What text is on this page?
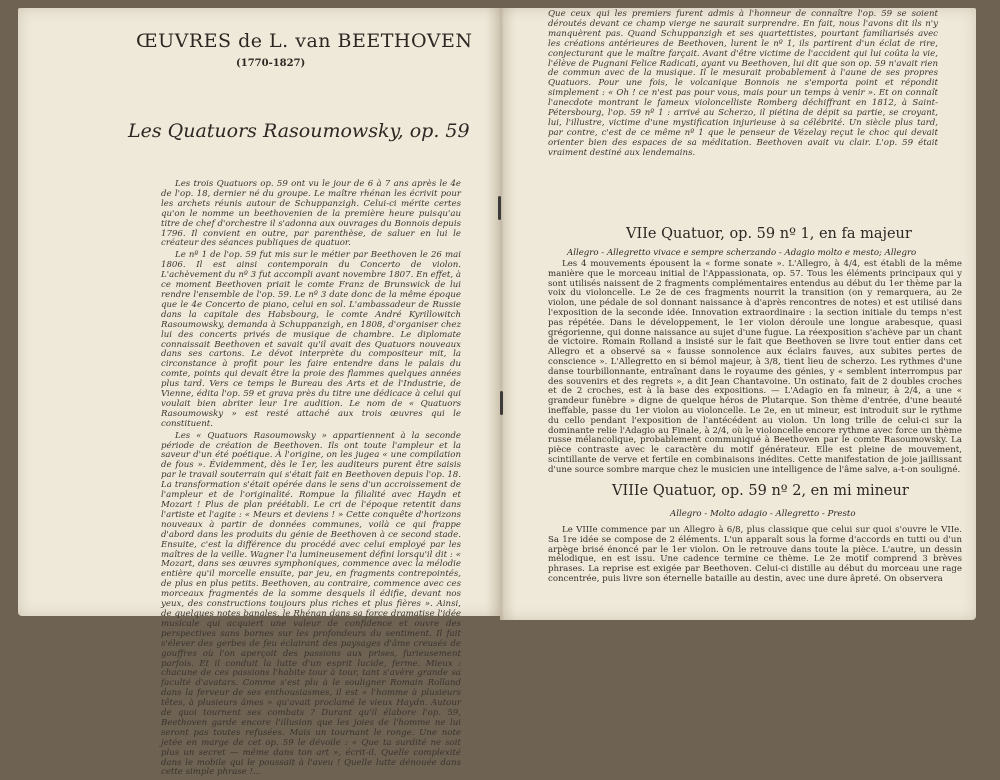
ŒUVRES de L. van BEETHOVEN
(1770-1827)
Les Quatuors Rasoumowsky, op. 59

Les trois Quatuors op. 59 ont vu le jour de 6 à 7 ans après le 4e de l'op. 18, dernier né du groupe. Le maître rhénan les écrivit pour les archets réunis autour de Schuppanzigh. Celui-ci mérite certes qu'on le nomme un beethovenien de la première heure puisqu'au titre de chef d'orchestre il s'adonna aux ouvrages du Bonnois depuis 1796. Il convient en outre, par parenthèse, de saluer en lui le créateur des séances publiques de quatuor.

Le nº 1 de l'op. 59 fut mis sur le métier par Beethoven le 26 mai 1806. Il est ainsi contemporain du Concerto de violon. L'achèvement du nº 3 fut accompli avant novembre 1807. En effet, à ce moment Beethoven priait le comte Franz de Brunswick de lui rendre l'ensemble de l'op. 59. Le nº 3 date donc de la même époque que le 4e Concerto de piano, celui en sol. L'ambassadeur de Russie dans la capitale des Habsbourg, le comte André Kyrillowitch Rasoumowsky, demanda à Schuppanzigh, en 1808, d'organiser chez lui des concerts privés de musique de chambre. Le diplomate connaissait Beethoven et savait qu'il avait des Quatuors nouveaux dans ses cartons. Le dévot interprète du compositeur mit, la circonstance à profit pour les faire entendre dans le palais du comte, points qui devait être la proie des flammes quelques années plus tard. Vers ce temps le Bureau des Arts et de l'Industrie, de Vienne, édita l'op. 59 et grava près du titre une dédicace à celui qui voulait bien abriter leur 1re audition. Le nom de « Quatuors Rasoumowsky » est resté attaché aux trois œuvres qui le constituent.

Les « Quatuors Rasoumowsky » appartiennent à la seconde période de création de Beethoven. Ils ont toute l'ampleur et la saveur d'un été poétique. À l'origine, on les jugea « une compilation de fous ». Évidemment, dès le 1er, les auditeurs purent être saisis par le travail souterrain qui s'était fait en Beethoven depuis l'op. 18. La transformation s'était opérée dans le sens d'un accroissement de l'ampleur et de l'originalité. Rompue la filialité avec Haydn et Mozart ! Plus de plan préétabli. Le cri de l'époque retentit dans l'artiste et l'agite : « Meurs et deviens ! » Cette conquête d'horizons nouveaux à partir de données communes, voilà ce qui frappe d'abord dans les produits du génie de Beethoven à ce second stade. Ensuite, c'est la différence du procédé avec celui employé par les maîtres de la veille. Wagner l'a lumineusement défini lorsqu'il dit : « Mozart, dans ses œuvres symphoniques, commence avec la mélodie entière qu'il morcelle ensuite, par jeu, en fragments contrepointés, de plus en plus petits. Beethoven, au contraire, commence avec ces morceaux fragmentés de la somme desquels il édifie, devant nos yeux, des constructions toujours plus riches et plus fières ». Ainsi, de quelques notes banales, le Rhénan dans sa force dramatise l'idée musicale qui acquiert une valeur de confidence et ouvre des perspectives sans bornes sur les profondeurs du sentiment. Il fait s'élever des gerbes de feu éclairant des paysages d'âme creusés de gouffres où l'on aperçoit des passions aux prises, furieusement parfois. Et il conduit la lutte d'un esprit lucide, ferme. Mieux : chacune de ces passions l'habite tour à tour, tant s'avère grande sa faculté d'avatars. Comme s'est plu à le souligner Romain Rolland dans la ferveur de ses enthousiasmes, il est « l'homme à plusieurs têtes, à plusieurs âmes » qu'avait proclamé le vieux Haydn. Autour de quoi tournent ses combats ? Durant qu'il élabore l'op. 59, Beethoven garde encore l'illusion que les joies de l'homme ne lui seront pas toutes refusées. Mais un tournant le ronge. Une note jetée en marge de cet op. 59 le dévoile : « Que ta surdité ne soit plus un secret — même dans ton art », écrit-il. Quelle complexité dans le mobile qui le poussait à l'aveu ! Quelle lutte dénouée dans cette simple phrase !...

Que ceux qui les premiers furent admis à l'honneur de connaître l'op. 59 se soient déroutés devant ce champ vierge ne saurait surprendre. En fait, nous l'avons dit ils n'y manquèrent pas. Quand Schuppanzigh et ses quartettistes, pourtant familiarisés avec les créations antérieures de Beethoven, lurent le nº 1, ils partirent d'un éclat de rire, conjecturant que le maître farçait. Avant d'être victime de l'accident qui lui coûta la vie, l'élève de Pugnani Felice Radicati, ayant vu Beethoven, lui dit que son op. 59 n'avait rien de commun avec de la musique. Il le mesurait probablement à l'aune de ses propres Quatuors. Pour une fois, le volcanique Bonnois ne s'emporta point et répondit simplement : « Oh ! ce n'est pas pour vous, mais pour un temps à venir ». Et on connaît l'anecdote montrant le fameux violoncelliste Romberg déchiffrant en 1812, à Saint-Pétersbourg, l'op. 59 nº 1 : arrivé au Scherzo, il piétina de dépit sa partie, se croyant, lui, l'illustre, victime d'une mystification injurieuse à sa célébrité. Un siècle plus tard, par contre, c'est de ce même nº 1 que le penseur de Vézelay reçut le choc qui devait orienter bien des espaces de sa méditation. Beethoven avait vu clair. L'op. 59 était vraiment destiné aux lendemains.

VIIe Quatuor, op. 59 nº 1, en fa majeur
Allegro - Allegretto vivace e sempre scherzando - Adagio molto e mesto; Allegro

Les 4 mouvements épousent la « forme sonate ». L'Allegro, à 4/4, est établi de la même manière que le morceau initial de l'Appassionata, op. 57. Tous les éléments principaux qui y sont utilisés naissent de 2 fragments complémentaires entendus au début du 1er thème par la voix du violoncelle. Le 2e de ces fragments nourrit la transition (on y remarquera, au 2e violon, une pédale de sol donnant naissance à d'après rencontres de notes) et est utilisé dans l'exposition de la seconde idée. Innovation extraordinaire : la section initiale du temps n'est pas répétée. Dans le développement, le 1er violon déroule une longue arabesque, quasi grégorienne, qui donne naissance au sujet d'une fugue. La réexposition s'achève par un chant de victoire. Romain Rolland a insisté sur le fait que Beethoven se livre tout entier dans cet Allegro et a observé sa « fausse sonnolence aux éclairs fauves, aux subites pertes de conscience ». L'Allegretto en si bémol majeur, à 3/8, tient lieu de scherzo. Les rythmes d'une danse tourbillonnante, entraînant dans le royaume des génies, y « semblent interrompus par des souvenirs et des regrets », a dit Jean Chantavoine. Un ostinato, fait de 2 doubles croches et de 2 croches, est à la base des expositions. — L'Adagio en fa mineur, à 2/4, a une « grandeur funèbre » digne de quelque héros de Plutarque. Son thème d'entrée, d'une beauté ineffable, passe du 1er violon au violoncelle. Le 2e, en ut mineur, est introduit sur le rythme du cello pendant l'exposition de l'antécédent au violon. Un long trille de celui-ci sur la dominante relie l'Adagio au Finale, à 2/4, où le violoncelle encore rythme avec force un thème russe mélancolique, probablement communiqué à Beethoven par le comte Rasoumowsky. La pièce contraste avec le caractère du motif générateur. Elle est pleine de mouvement, scintillante de verve et fertile en combinaisons inédites. Cette manifestation de joie jaillissant d'une source sombre marque chez le musicien une intelligence de l'âme salve, a-t-on souligné.

VIIIe Quatuor, op. 59 nº 2, en mi mineur
Allegro - Molto adagio - Allegretto - Presto

Le VIIIe commence par un Allegro à 6/8, plus classique que celui sur quoi s'ouvre le VIIe. Sa 1re idée se compose de 2 éléments. L'un apparaît sous la forme d'accords en tutti ou d'un arpège brisé énoncé par le 1er violon. On le retrouve dans toute la pièce. L'autre, un dessin mélodique, en est issu. Une cadence termine ce thème. Le 2e motif comprend 3 brèves phrases. La reprise est exigée par Beethoven. Celui-ci distille au début du morceau une rage concentrée, puis livre son éternelle bataille au destin, avec une dure âpreté. On observera
